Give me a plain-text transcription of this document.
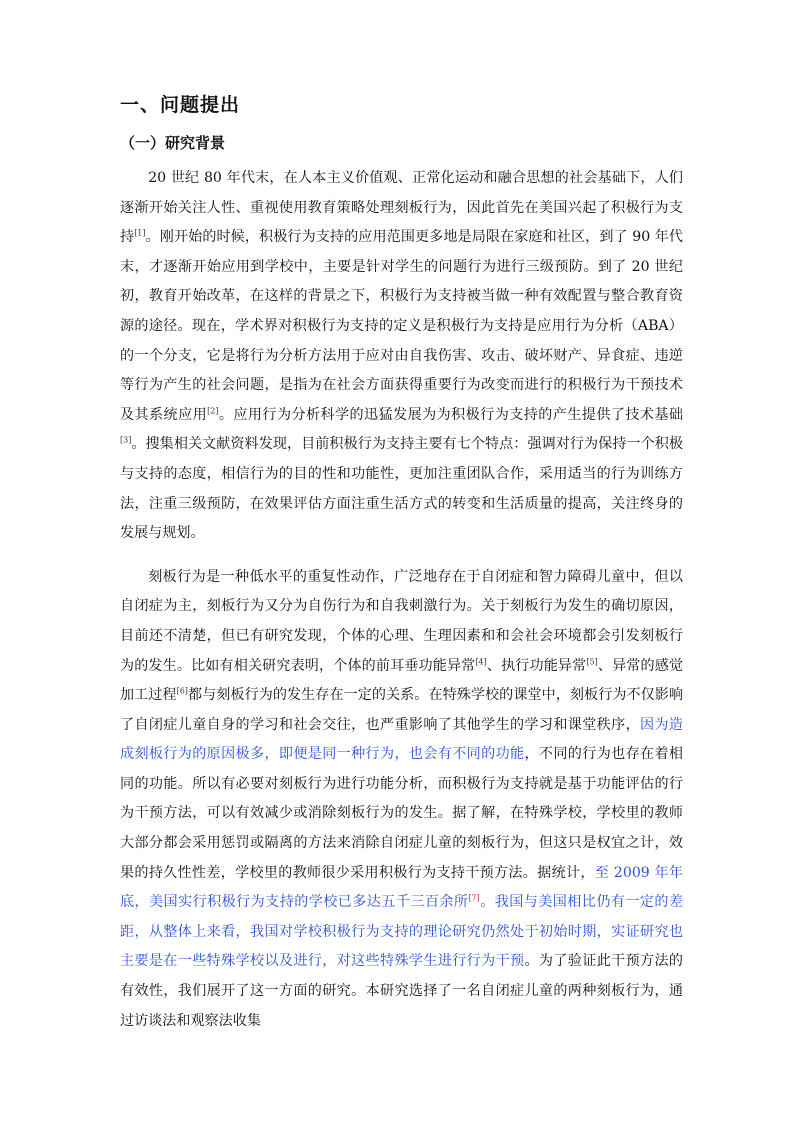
一、问题提出
（一）研究背景

20 世纪 80 年代末，在人本主义价值观、正常化运动和融合思想的社会基础下，人们逐渐开始关注人性、重视使用教育策略处理刻板行为，因此首先在美国兴起了积极行为支持[1]。刚开始的时候，积极行为支持的应用范围更多地是局限在家庭和社区，到了 90 年代末，才逐渐开始应用到学校中，主要是针对学生的问题行为进行三级预防。到了 20 世纪初，教育开始改革，在这样的背景之下，积极行为支持被当做一种有效配置与整合教育资源的途径。现在，学术界对积极行为支持的定义是积极行为支持是应用行为分析（ABA）的一个分支，它是将行为分析方法用于应对由自我伤害、攻击、破坏财产、异食症、违逆等行为产生的社会问题，是指为在社会方面获得重要行为改变而进行的积极行为干预技术及其系统应用[2]。应用行为分析科学的迅猛发展为为积极行为支持的产生提供了技术基础[3]。搜集相关文献资料发现，目前积极行为支持主要有七个特点：强调对行为保持一个积极与支持的态度，相信行为的目的性和功能性，更加注重团队合作，采用适当的行为训练方法，注重三级预防，在效果评估方面注重生活方式的转变和生活质量的提高，关注终身的发展与规划。

刻板行为是一种低水平的重复性动作，广泛地存在于自闭症和智力障碍儿童中，但以自闭症为主，刻板行为又分为自伤行为和自我刺激行为。关于刻板行为发生的确切原因，目前还不清楚，但已有研究发现，个体的心理、生理因素和和会社会环境都会引发刻板行为的发生。比如有相关研究表明，个体的前耳垂功能异常[4]、执行功能异常[5]、异常的感觉加工过程[6]都与刻板行为的发生存在一定的关系。在特殊学校的课堂中，刻板行为不仅影响了自闭症儿童自身的学习和社会交往，也严重影响了其他学生的学习和课堂秩序，因为造成刻板行为的原因极多，即便是同一种行为，也会有不同的功能，不同的行为也存在着相同的功能。所以有必要对刻板行为进行功能分析，而积极行为支持就是基于功能评估的行为干预方法，可以有效减少或消除刻板行为的发生。据了解，在特殊学校，学校里的教师大部分都会采用惩罚或隔离的方法来消除自闭症儿童的刻板行为，但这只是权宜之计，效果的持久性性差，学校里的教师很少采用积极行为支持干预方法。据统计，至 2009 年年底，美国实行积极行为支持的学校已多达五千三百余所[7]。我国与美国相比仍有一定的差距，从整体上来看，我国对学校积极行为支持的理论研究仍然处于初始时期，实证研究也主要是在一些特殊学校以及进行，对这些特殊学生进行行为干预。为了验证此干预方法的有效性，我们展开了这一方面的研究。本研究选择了一名自闭症儿童的两种刻板行为，通过访谈法和观察法收集
